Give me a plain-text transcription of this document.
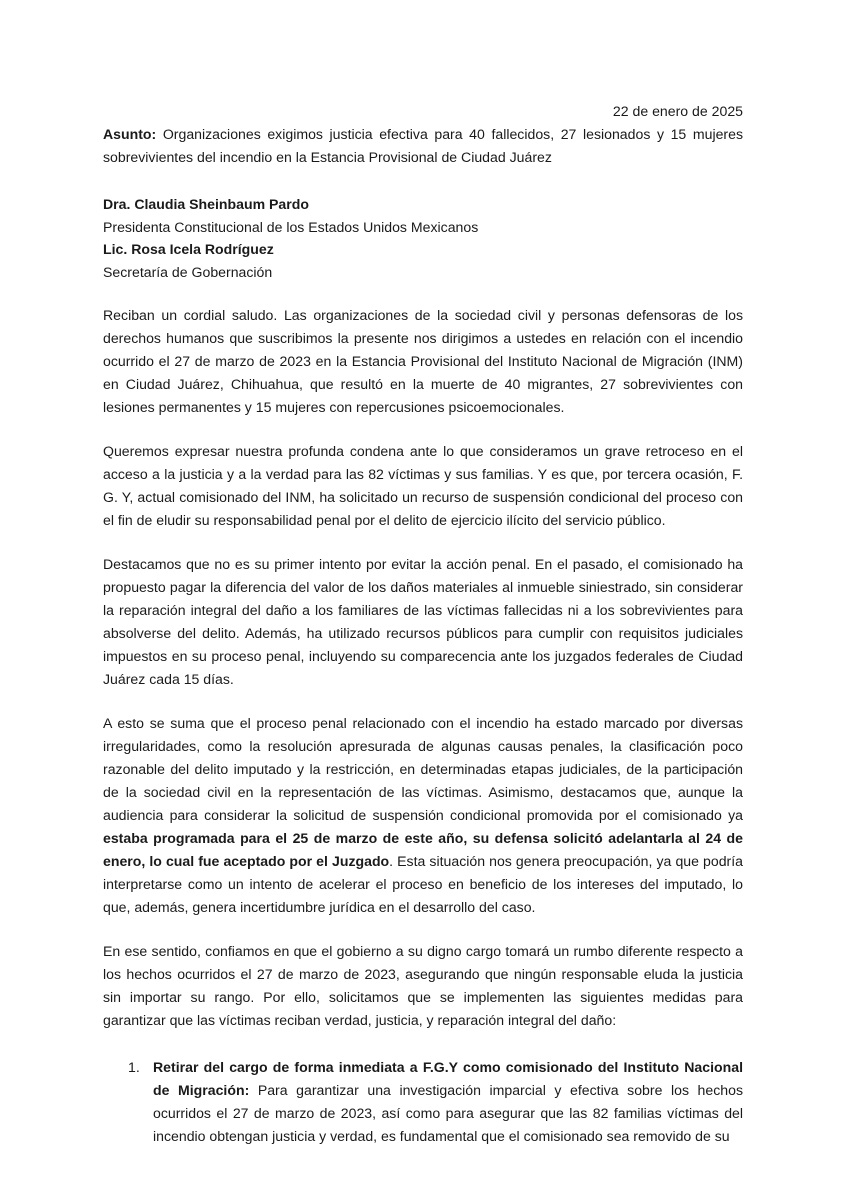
22 de enero de 2025

Asunto: Organizaciones exigimos justicia efectiva para 40 fallecidos, 27 lesionados y 15 mujeres sobrevivientes del incendio en la Estancia Provisional de Ciudad Juárez

Dra. Claudia Sheinbaum Pardo
Presidenta Constitucional de los Estados Unidos Mexicanos
Lic. Rosa Icela Rodríguez
Secretaría de Gobernación

Reciban un cordial saludo. Las organizaciones de la sociedad civil y personas defensoras de los derechos humanos que suscribimos la presente nos dirigimos a ustedes en relación con el incendio ocurrido el 27 de marzo de 2023 en la Estancia Provisional del Instituto Nacional de Migración (INM) en Ciudad Juárez, Chihuahua, que resultó en la muerte de 40 migrantes, 27 sobrevivientes con lesiones permanentes y 15 mujeres con repercusiones psicoemocionales.

Queremos expresar nuestra profunda condena ante lo que consideramos un grave retroceso en el acceso a la justicia y a la verdad para las 82 víctimas y sus familias. Y es que, por tercera ocasión, F. G. Y, actual comisionado del INM, ha solicitado un recurso de suspensión condicional del proceso con el fin de eludir su responsabilidad penal por el delito de ejercicio ilícito del servicio público.

Destacamos que no es su primer intento por evitar la acción penal. En el pasado, el comisionado ha propuesto pagar la diferencia del valor de los daños materiales al inmueble siniestrado, sin considerar la reparación integral del daño a los familiares de las víctimas fallecidas ni a los sobrevivientes para absolverse del delito. Además, ha utilizado recursos públicos para cumplir con requisitos judiciales impuestos en su proceso penal, incluyendo su comparecencia ante los juzgados federales de Ciudad Juárez cada 15 días.

A esto se suma que el proceso penal relacionado con el incendio ha estado marcado por diversas irregularidades, como la resolución apresurada de algunas causas penales, la clasificación poco razonable del delito imputado y la restricción, en determinadas etapas judiciales, de la participación de la sociedad civil en la representación de las víctimas. Asimismo, destacamos que, aunque la audiencia para considerar la solicitud de suspensión condicional promovida por el comisionado ya estaba programada para el 25 de marzo de este año, su defensa solicitó adelantarla al 24 de enero, lo cual fue aceptado por el Juzgado. Esta situación nos genera preocupación, ya que podría interpretarse como un intento de acelerar el proceso en beneficio de los intereses del imputado, lo que, además, genera incertidumbre jurídica en el desarrollo del caso.

En ese sentido, confiamos en que el gobierno a su digno cargo tomará un rumbo diferente respecto a los hechos ocurridos el 27 de marzo de 2023, asegurando que ningún responsable eluda la justicia sin importar su rango. Por ello, solicitamos que se implementen las siguientes medidas para garantizar que las víctimas reciban verdad, justicia, y reparación integral del daño:

1. Retirar del cargo de forma inmediata a F.G.Y como comisionado del Instituto Nacional de Migración: Para garantizar una investigación imparcial y efectiva sobre los hechos ocurridos el 27 de marzo de 2023, así como para asegurar que las 82 familias víctimas del incendio obtengan justicia y verdad, es fundamental que el comisionado sea removido de su
